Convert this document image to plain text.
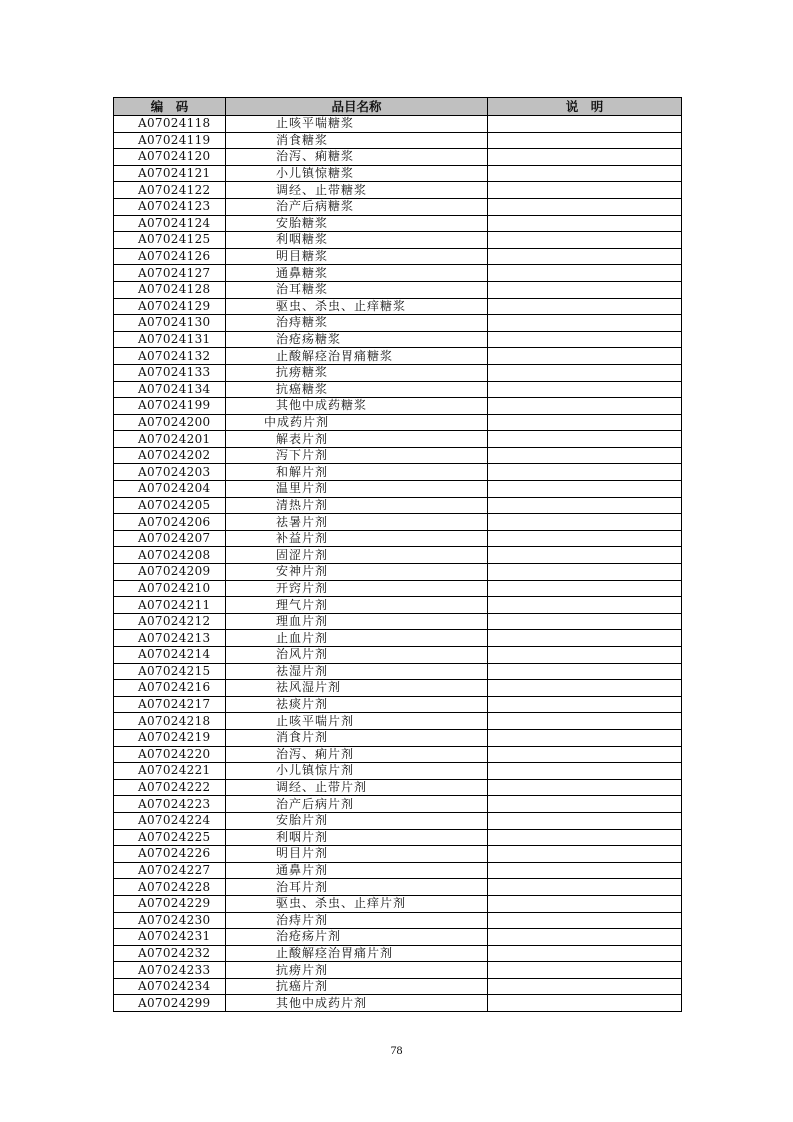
编　码	品目名称	说　明
A07024118	止咳平喘糖浆	
A07024119	消食糖浆	
A07024120	治泻、痢糖浆	
A07024121	小儿镇惊糖浆	
A07024122	调经、止带糖浆	
A07024123	治产后病糖浆	
A07024124	安胎糖浆	
A07024125	利咽糖浆	
A07024126	明目糖浆	
A07024127	通鼻糖浆	
A07024128	治耳糖浆	
A07024129	驱虫、杀虫、止痒糖浆	
A07024130	治痔糖浆	
A07024131	治疮疡糖浆	
A07024132	止酸解痉治胃痛糖浆	
A07024133	抗痨糖浆	
A07024134	抗癌糖浆	
A07024199	其他中成药糖浆	
A07024200	中成药片剂	
A07024201	解表片剂	
A07024202	泻下片剂	
A07024203	和解片剂	
A07024204	温里片剂	
A07024205	清热片剂	
A07024206	祛暑片剂	
A07024207	补益片剂	
A07024208	固涩片剂	
A07024209	安神片剂	
A07024210	开窍片剂	
A07024211	理气片剂	
A07024212	理血片剂	
A07024213	止血片剂	
A07024214	治风片剂	
A07024215	祛湿片剂	
A07024216	祛风湿片剂	
A07024217	祛痰片剂	
A07024218	止咳平喘片剂	
A07024219	消食片剂	
A07024220	治泻、痢片剂	
A07024221	小儿镇惊片剂	
A07024222	调经、止带片剂	
A07024223	治产后病片剂	
A07024224	安胎片剂	
A07024225	利咽片剂	
A07024226	明目片剂	
A07024227	通鼻片剂	
A07024228	治耳片剂	
A07024229	驱虫、杀虫、止痒片剂	
A07024230	治痔片剂	
A07024231	治疮疡片剂	
A07024232	止酸解痉治胃痛片剂	
A07024233	抗痨片剂	
A07024234	抗癌片剂	
A07024299	其他中成药片剂	
78
